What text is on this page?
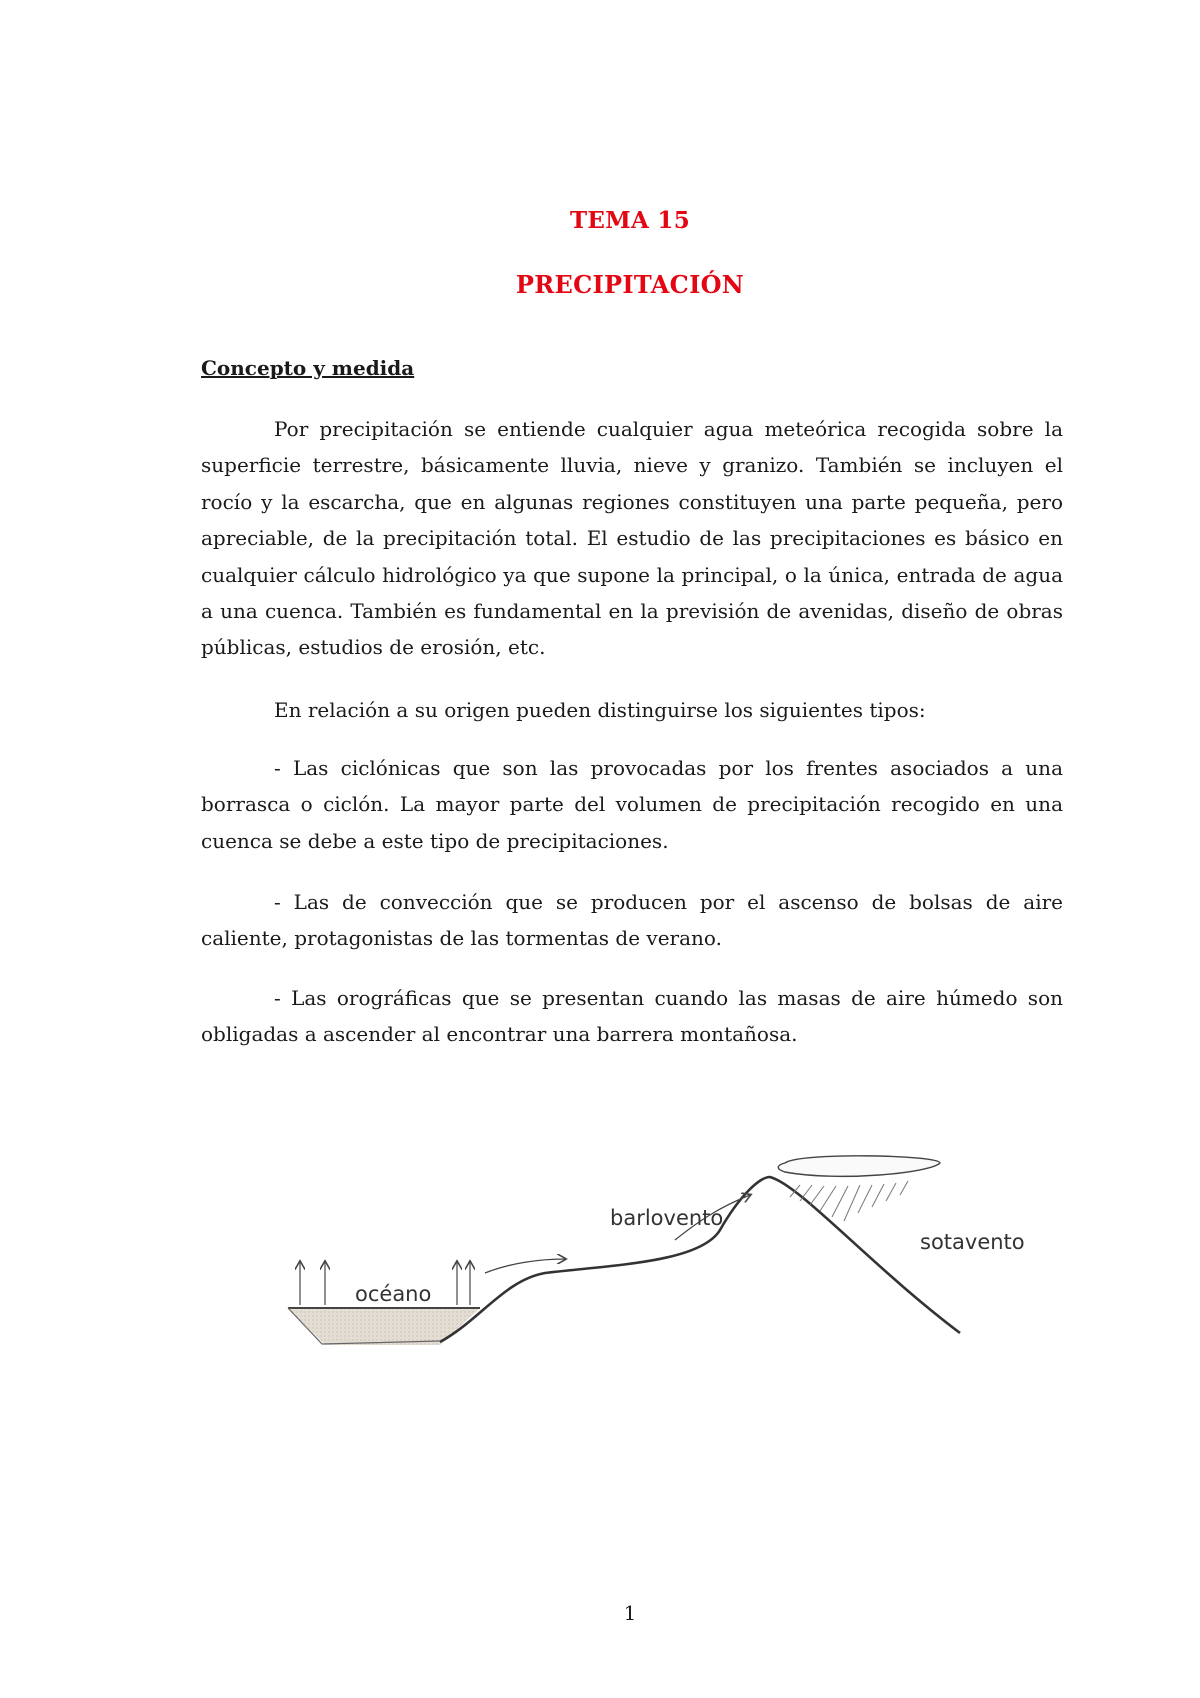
TEMA 15
PRECIPITACIÓN
Concepto y medida
Por precipitación se entiende cualquier agua meteórica recogida sobre la superficie terrestre, básicamente lluvia, nieve y granizo. También se incluyen el rocío y la escarcha, que en algunas regiones constituyen una parte pequeña, pero apreciable, de la precipitación total. El estudio de las precipitaciones es básico en cualquier cálculo hidrológico ya que supone la principal, o la única, entrada de agua a una cuenca. También es fundamental en la previsión de avenidas, diseño de obras públicas, estudios de erosión, etc.
En relación a su origen pueden distinguirse los siguientes tipos:
- Las ciclónicas que son las provocadas por los frentes asociados a una borrasca o ciclón. La mayor parte del volumen de precipitación recogido en una cuenca se debe a este tipo de precipitaciones.
- Las de convección que se producen por el ascenso de bolsas de aire caliente, protagonistas de las tormentas de verano.
- Las orográficas que se presentan cuando las masas de aire húmedo son obligadas a ascender al encontrar una barrera montañosa.
océano
barlovento
sotavento
1
